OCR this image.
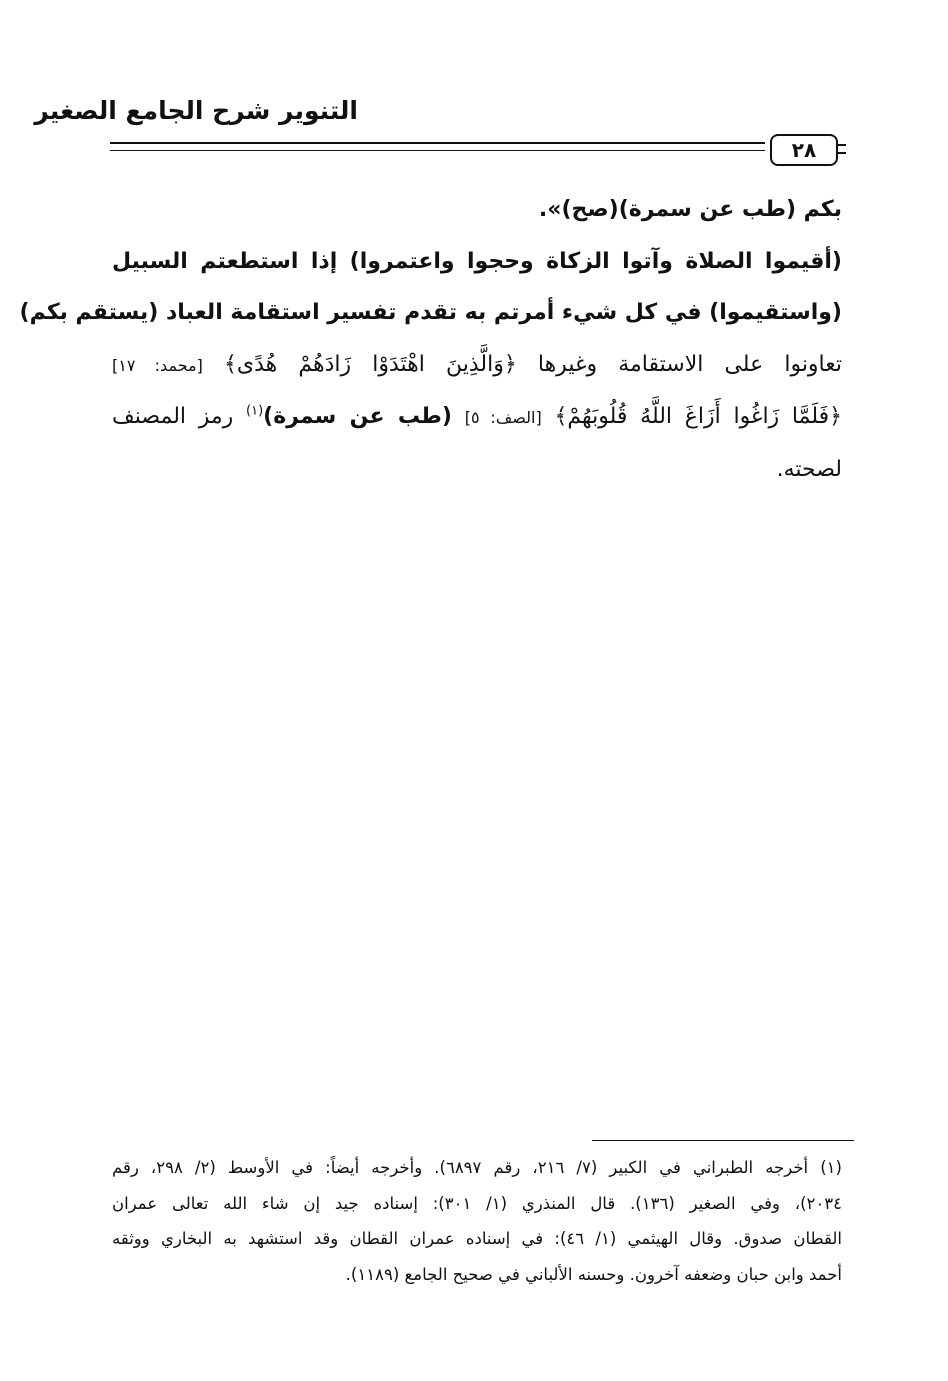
التنوير شرح الجامع الصغير
٢٨

بكم (طب عن سمرة)(صح)».

(أقيموا الصلاة وآتوا الزكاة وحجوا واعتمروا) إذا استطعتم السبيل

(واستقيموا) في كل شيء أمرتم به تقدم تفسير استقامة العباد (يستقم بكم)

تعاونوا على الاستقامة وغيرها ﴿وَالَّذِينَ اهْتَدَوْا زَادَهُمْ هُدًى﴾ [محمد: ١٧]

﴿فَلَمَّا زَاغُوا أَزَاغَ اللَّهُ قُلُوبَهُمْ﴾ [الصف: ٥] (طب عن سمرة)$^{(١)}$ رمز المصنف

لصحته.

(١) أخرجه الطبراني في الكبير (٧/ ٢١٦، رقم ٦٨٩٧). وأخرجه أيضاً: في الأوسط (٢/ ٢٩٨، رقم

٢٠٣٤)، وفي الصغير (١٣٦). قال المنذري (١/ ٣٠١): إسناده جيد إن شاء الله تعالى عمران

القطان صدوق. وقال الهيثمي (١/ ٤٦): في إسناده عمران القطان وقد استشهد به البخاري ووثقه

أحمد وابن حبان وضعفه آخرون. وحسنه الألباني في صحيح الجامع (١١٨٩).
